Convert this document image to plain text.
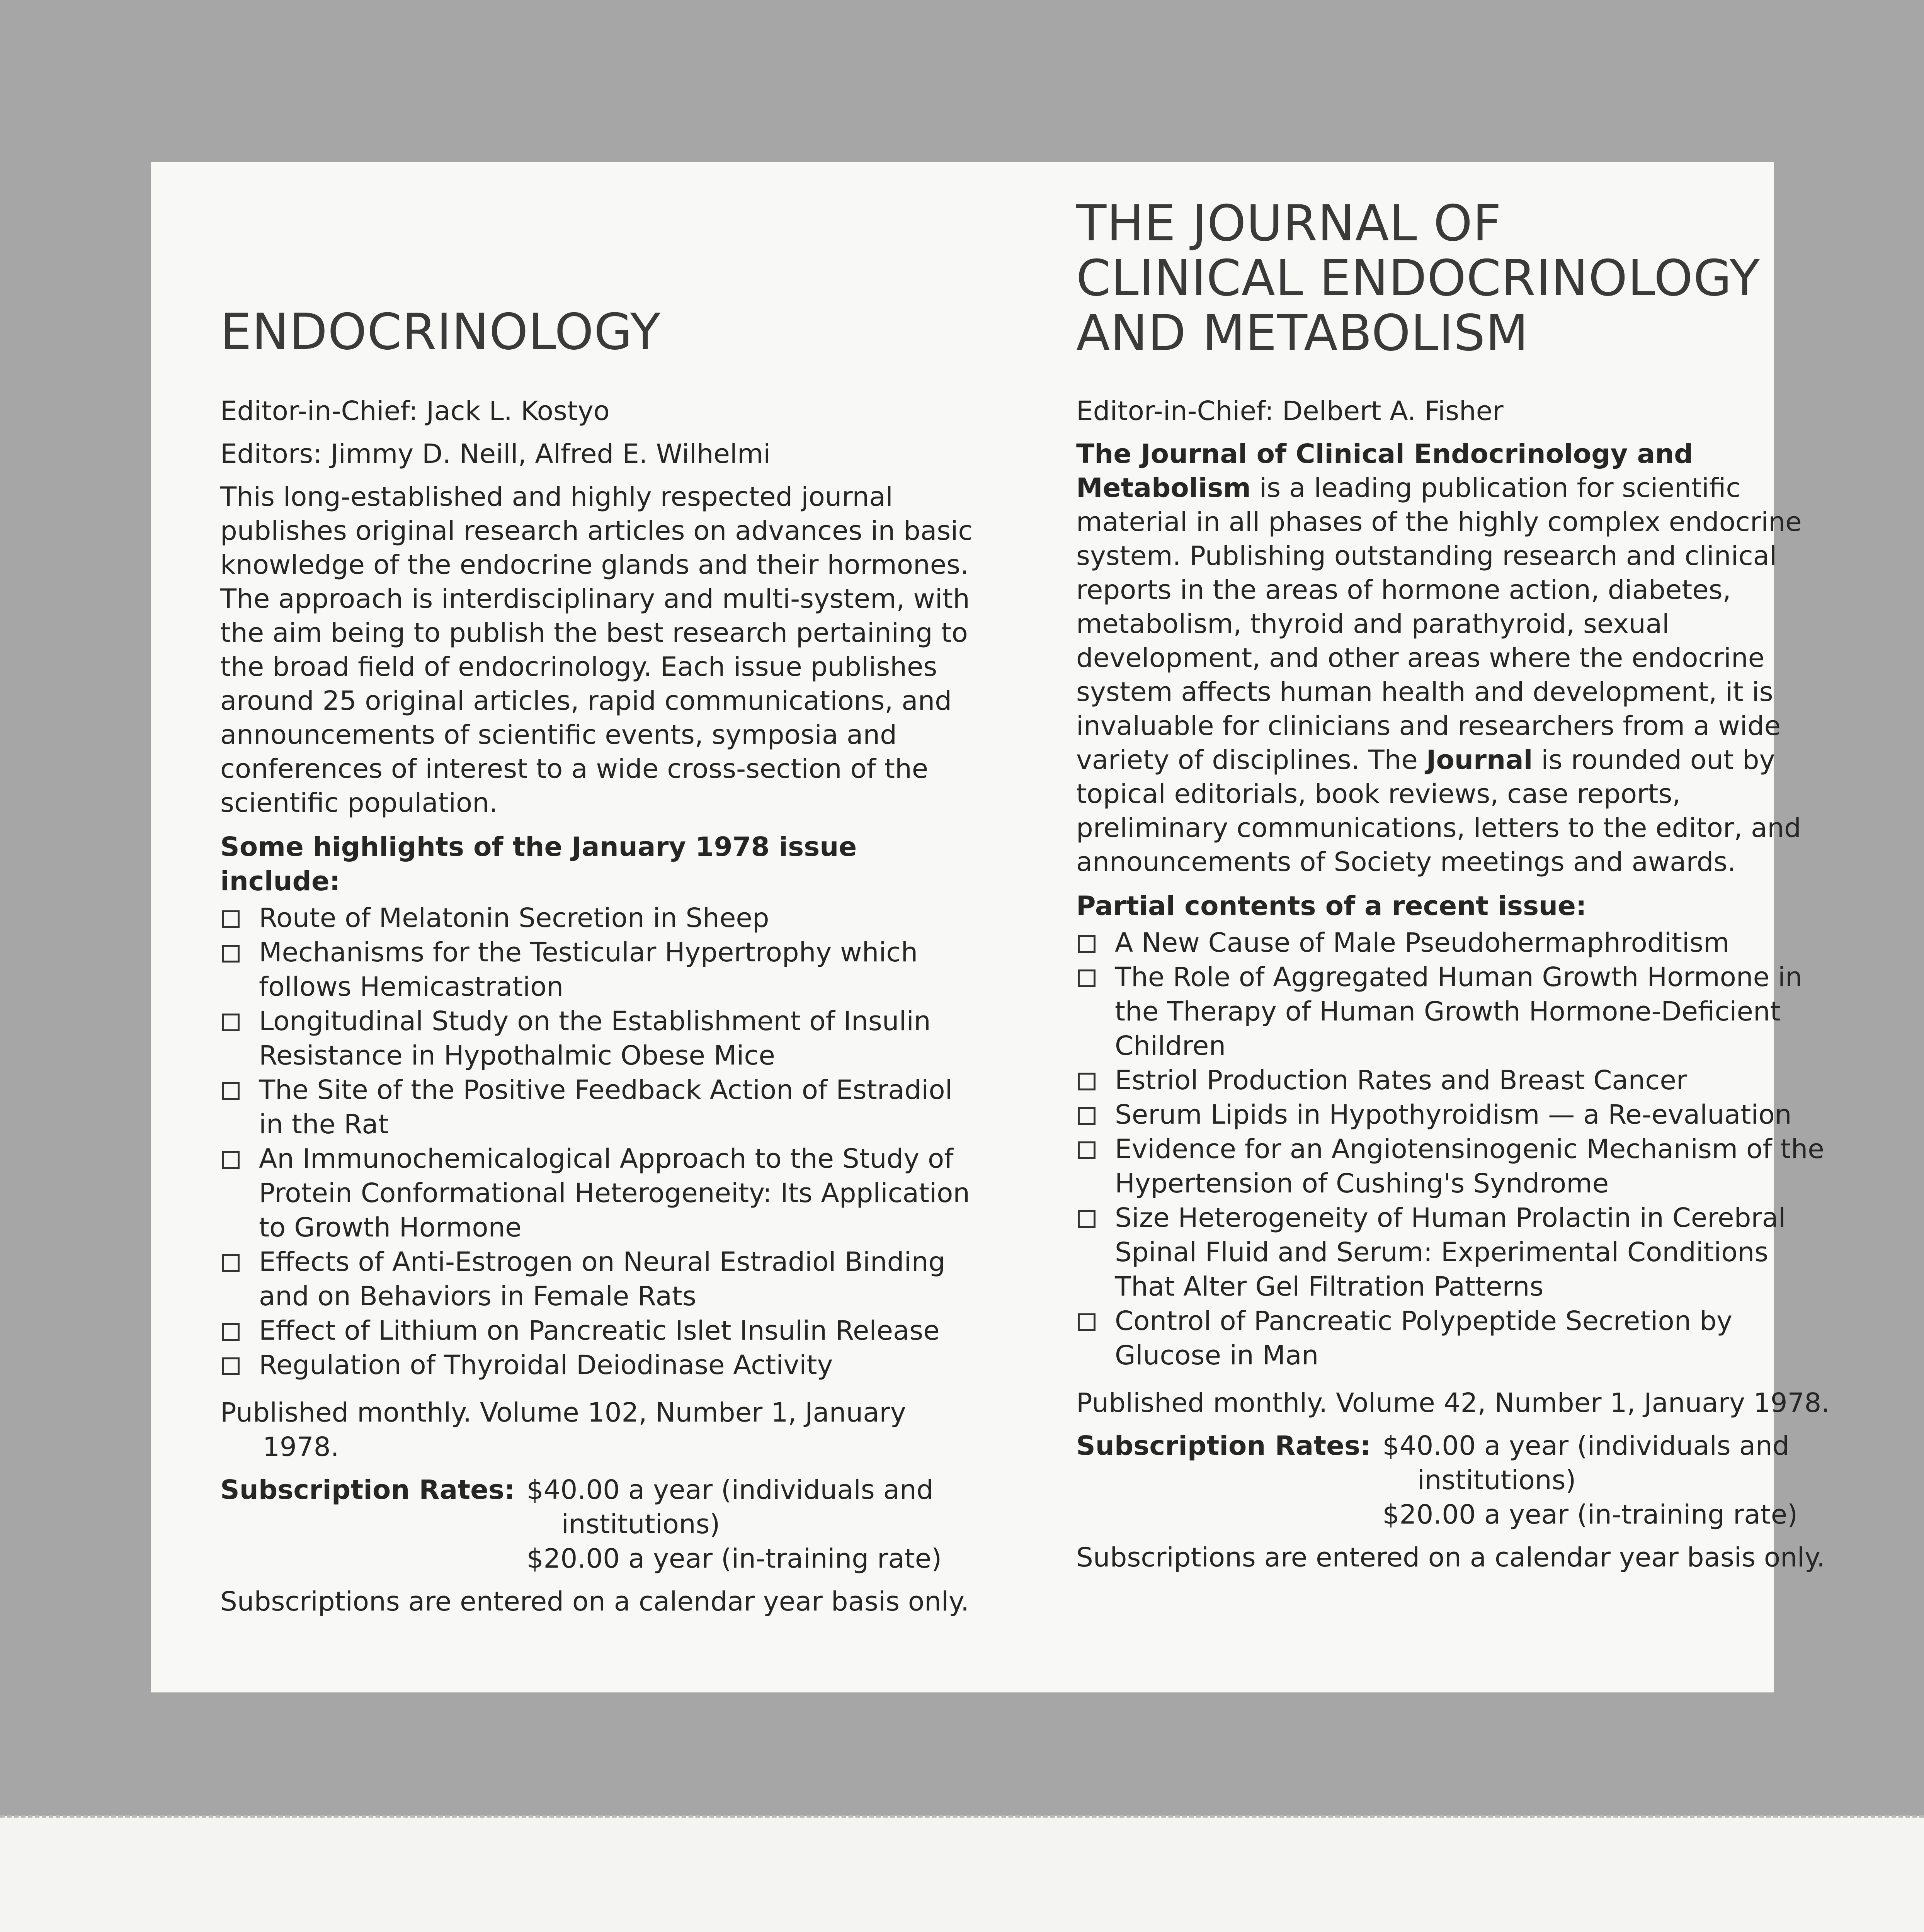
ENDOCRINOLOGY

Editor-in-Chief: Jack L. Kostyo

Editors: Jimmy D. Neill, Alfred E. Wilhelmi

This long-established and highly respected journal publishes original research articles on advances in basic knowledge of the endocrine glands and their hormones. The approach is interdisciplinary and multi-system, with the aim being to publish the best research pertaining to the broad field of endocrinology. Each issue publishes around 25 original articles, rapid communications, and announcements of scientific events, symposia and conferences of interest to a wide cross-section of the scientific population.

Some highlights of the January 1978 issue include:

Route of Melatonin Secretion in Sheep
Mechanisms for the Testicular Hypertrophy which follows Hemicastration
Longitudinal Study on the Establishment of Insulin Resistance in Hypothalmic Obese Mice
The Site of the Positive Feedback Action of Estradiol in the Rat
An Immunochemicalogical Approach to the Study of Protein Conformational Heterogeneity: Its Application to Growth Hormone
Effects of Anti-Estrogen on Neural Estradiol Binding and on Behaviors in Female Rats
Effect of Lithium on Pancreatic Islet Insulin Release
Regulation of Thyroidal Deiodinase Activity

Published monthly. Volume 102, Number 1, January 1978.

Subscription Rates: $40.00 a year (individuals and
institutions)
$20.00 a year (in-training rate)

Subscriptions are entered on a calendar year basis only.

THE JOURNAL OF
CLINICAL ENDOCRINOLOGY
AND METABOLISM

Editor-in-Chief: Delbert A. Fisher

The Journal of Clinical Endocrinology and Metabolism is a leading publication for scientific material in all phases of the highly complex endocrine system. Publishing outstanding research and clinical reports in the areas of hormone action, diabetes, metabolism, thyroid and parathyroid, sexual development, and other areas where the endocrine system affects human health and development, it is invaluable for clinicians and researchers from a wide variety of disciplines. The Journal is rounded out by topical editorials, book reviews, case reports, preliminary communications, letters to the editor, and announcements of Society meetings and awards.

Partial contents of a recent issue:

A New Cause of Male Pseudohermaphroditism
The Role of Aggregated Human Growth Hormone in the Therapy of Human Growth Hormone-Deficient Children
Estriol Production Rates and Breast Cancer
Serum Lipids in Hypothyroidism — a Re-evaluation
Evidence for an Angiotensinogenic Mechanism of the Hypertension of Cushing's Syndrome
Size Heterogeneity of Human Prolactin in Cerebral Spinal Fluid and Serum: Experimental Conditions That Alter Gel Filtration Patterns
Control of Pancreatic Polypeptide Secretion by Glucose in Man

Published monthly. Volume 42, Number 1, January 1978.

Subscription Rates: $40.00 a year (individuals and
institutions)
$20.00 a year (in-training rate)

Subscriptions are entered on a calendar year basis only.
